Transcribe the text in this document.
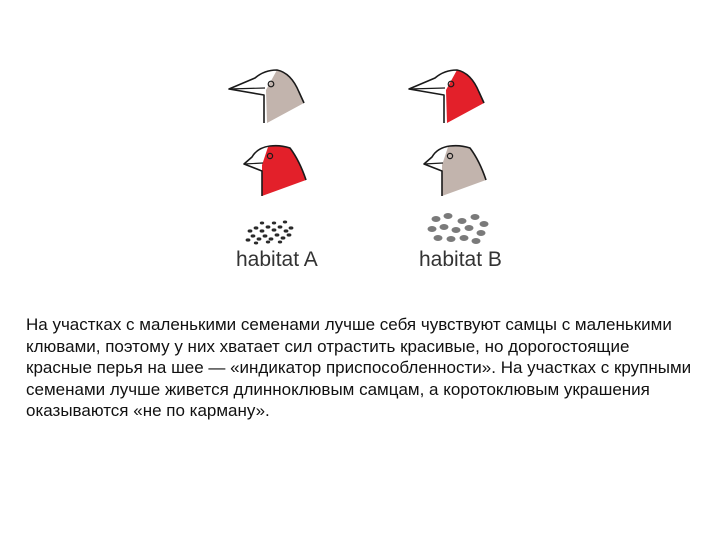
habitat A	habitat B

На участках с маленькими семенами лучше себя чувствуют самцы с маленькими клювами, поэтому у них хватает сил отрастить красивые, но дорогостоящие красные перья на шее — «индикатор приспособленности». На участках с крупными семенами лучше живется длинноклювым самцам, а коротоклювым украшения оказываются «не по карману».
